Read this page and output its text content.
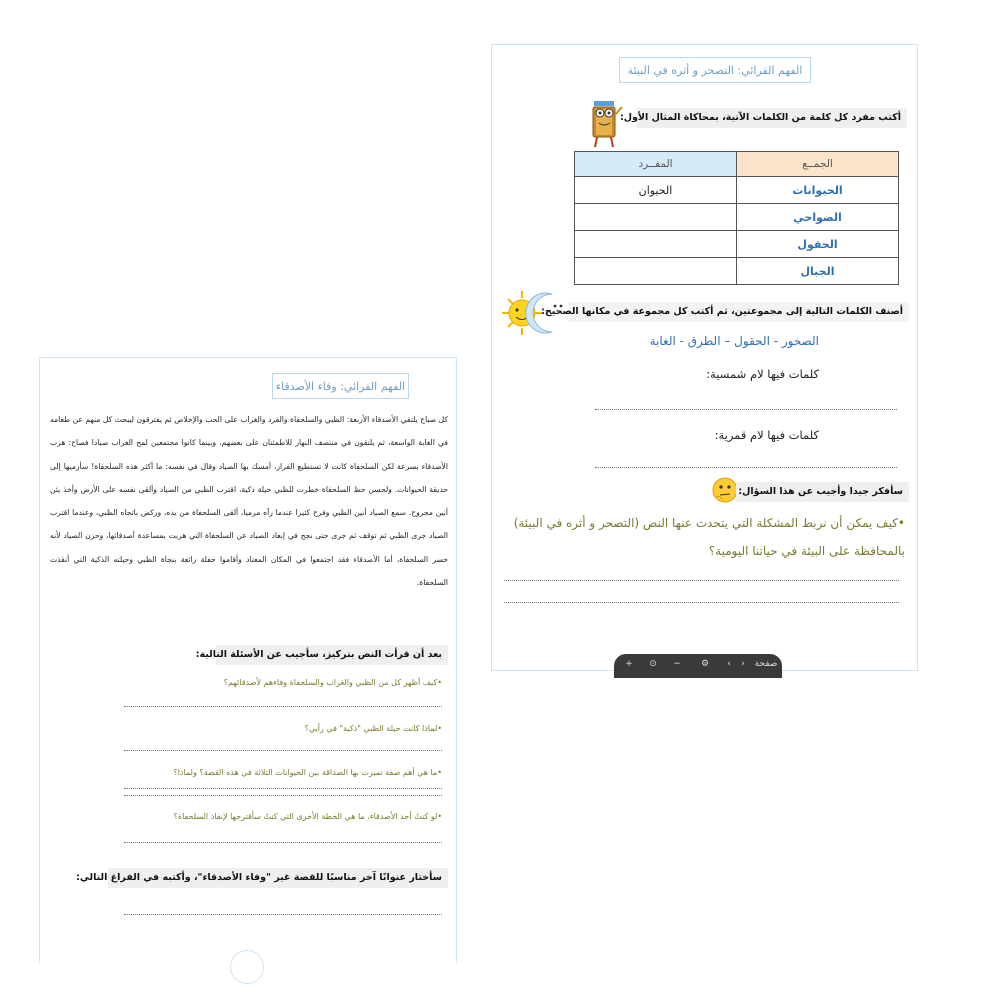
الفهم القرائي: التصحر و أثره في البيئة
أكتب مفرد كل كلمة من الكلمات الآتية، بمحاكاة المثال الأول:
الجمــع	المفــرد
الحيوانات	الحيوان
الضواحي	
الحقول	
الجبال	
أصنف الكلمات التالية إلى مجموعتين، ثم أكتب كل مجموعة في مكانها الصحيح:
الصخور - الحقول – الطرق - الغابة
كلمات فيها لام شمسية:
كلمات فيها لام قمرية:
سأفكر جيدا وأجيب عن هذا السؤال:
•كيف يمكن أن نربط المشكلة التي يتحدث عنها النص (التصحر و أثره في البيئة) بالمحافظة على البيئة في حياتنا اليومية؟
+ ⊙ − ⚙	‹	›	صفحة
الفهم القرائي: وفاء الأصدقاء

كل صباح يلتقي الأصدقاء الأربعة: الظبي والسلحفاة والفرد والغراب على الحب والإخلاص ثم يفترقون ليبحث كل منهم عن طعامه في الغابة الواسعة، ثم يلتقون في منتصف النهار للاطمئنان على بعضهم، وبينما كانوا مجتمعين لمح الغراب صيادا فصاح: هرب الأصدقاء بسرعة لكن السلحفاة كانت لا تستطيع الفرار، أمسك بها الصياد وقال في نفسه: ما أكثر هذه السلحفاة! سأرميها إلى حديقة الحيوانات. ولحسن حظ السلحفاة خطرت للظبي حيلة ذكية، اقترب الظبي من الصياد وألقى نفسه على الأرض وأخذ يئن أنين مجروح. سمع الصياد أنين الظبي وفرح كثيرا عندما رآه مرميا، ألقى السلحفاة من يده، وركض باتجاه الظبي، وعندما اقترب الصياد جرى الظبي ثم توقف ثم جرى حتى نجح في إبعاد الصياد عن السلحفاة التي هربت بمساعدة أصدقائها، وحزن الصياد لأنه خسر السلحفاة، أما الأصدقاء فقد اجتمعوا في المكان المعتاد وأقاموا حفلة رائعة بنجاة الظبي وحيلته الذكية التي أنقذت السلحفاة.

بعد أن قرأت النص بتركيز، سأجيب عن الأسئلة التالية:
•كيف أظهر كل من الظبي والغراب والسلحفاة وفاءهم لأصدقائهم؟
•لماذا كانت حيلة الظبي "ذكية" في رأيي؟
•ما هي أهم صفة تميزت بها الصداقة بين الحيوانات الثلاثة في هذه القصة؟ ولماذا؟
•لو كنتُ أحد الأصدقاء، ما هي الخطة الأخرى التي كنتُ سأقترحها لإنقاذ السلحفاة؟
سأختار عنوانًا آخر مناسبًا للقصة غير "وفاء الأصدقاء"، وأكتبه في الفراغ التالي:
